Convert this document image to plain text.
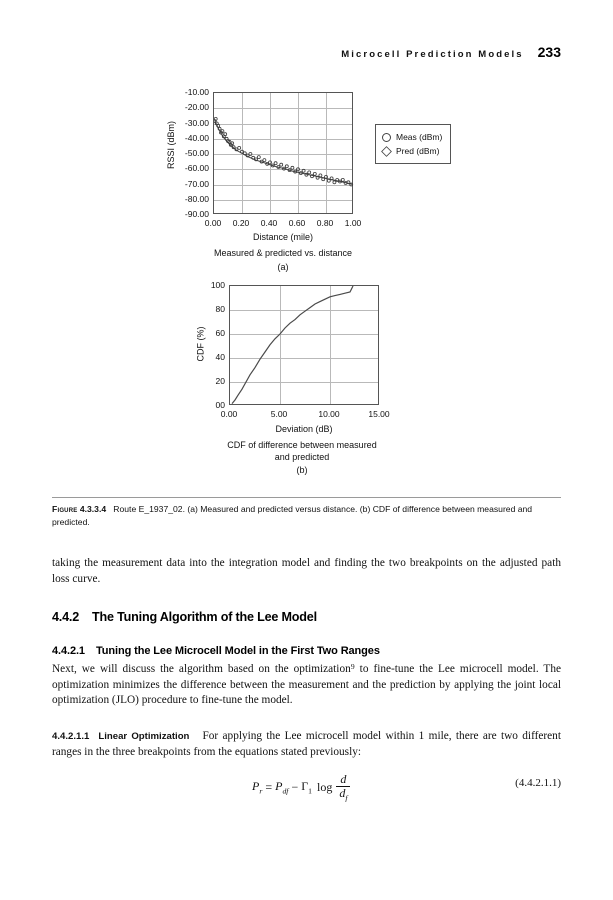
Microcell Prediction Models 233
RSSI (dBm)
-10.00
-20.00
-30.00
-40.00
-50.00
-60.00
-70.00
-80.00
-90.00
0.00 0.20 0.40 0.60 0.80 1.00
Distance (mile)
Measured & predicted vs. distance
(a)
Meas (dBm)
Pred (dBm)
CDF (%)
100
80
60
40
20
00
0.00	5.00	10.00	15.00
Deviation (dB)
CDF of difference between measured
and predicted
(b)
Figure 4.3.3.4 Route E_1937_02. (a) Measured and predicted versus distance. (b) CDF of difference between measured and predicted.
taking the measurement data into the integration model and finding the two breakpoints on the adjusted path loss curve.
4.4.2 The Tuning Algorithm of the Lee Model
4.4.2.1 Tuning the Lee Microcell Model in the First Two Ranges
Next, we will discuss the algorithm based on the optimization⁹ to fine-tune the Lee microcell model. The optimization minimizes the difference between the measurement and the prediction by applying the joint local optimization (JLO) procedure to fine-tune the model.
4.4.2.1.1 Linear Optimization For applying the Lee microcell model within 1 mile, there are two different ranges in the three breakpoints from the equations stated previously:
$P_r = P_{df} - \Gamma_1$ $\log \frac{d}{d_f}$	(4.4.2.1.1)
